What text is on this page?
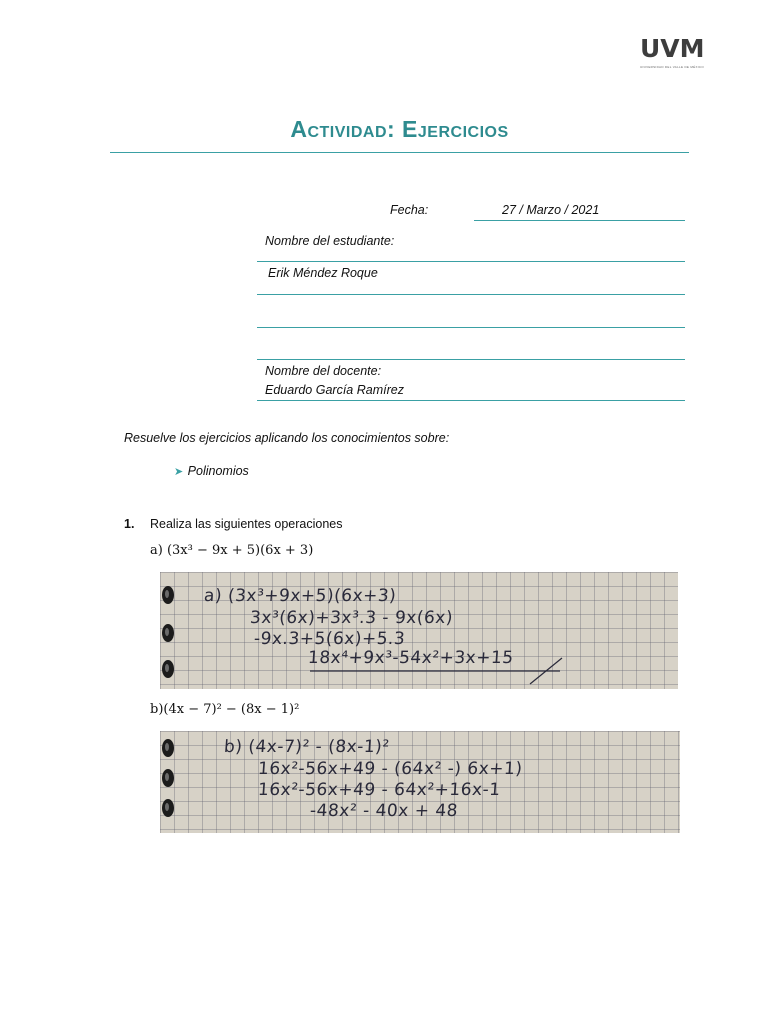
UVM
UNIVERSIDAD DEL VALLE DE MÉXICO
Actividad: Ejercicios
Fecha:	27 / Marzo / 2021
Nombre del estudiante:
Erik Méndez Roque
Nombre del docente:
Eduardo García Ramírez
Resuelve los ejercicios aplicando los conocimientos sobre:
➤ Polinomios
1. Realiza las siguientes operaciones
a) (3x³ − 9x + 5)(6x + 3)
a) (3x³+9x+5)(6x+3)
3x³(6x)+3x³.3 - 9x(6x)
-9x.3+5(6x)+5.3
18x⁴+9x³-54x²+3x+15
b)(4x − 7)² − (8x − 1)²
b) (4x-7)² - (8x-1)²
16x²-56x+49 - (64x² -) 6x+1)
16x²-56x+49 - 64x²+16x-1
-48x² - 40x + 48
